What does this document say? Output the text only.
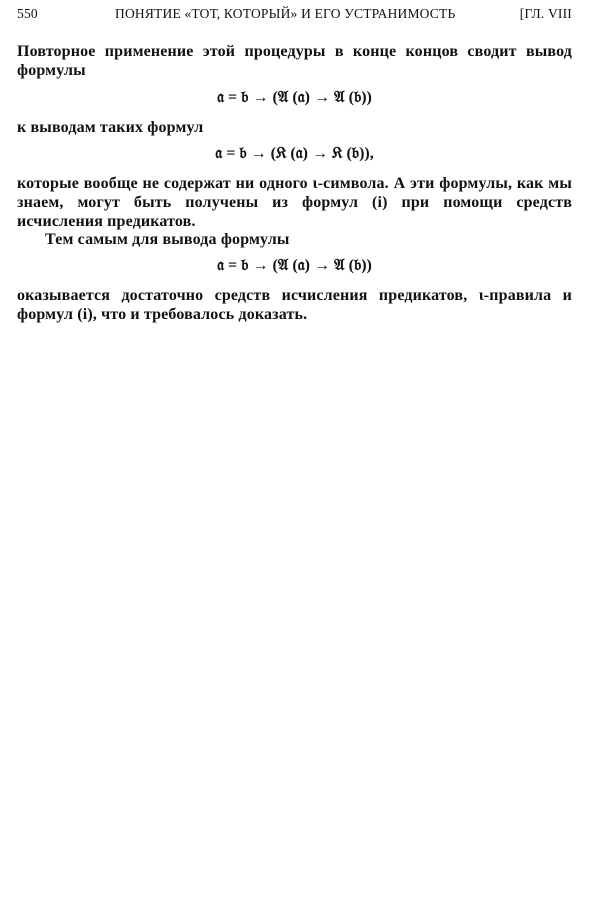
550	ПОНЯТИЕ «ТОТ, КОТОРЫЙ» И ЕГО УСТРАНИМОСТЬ	[ГЛ. VIII
Повторное применение этой процедуры в конце концов сводит вывод формулы
𝔞 = 𝔟 → (𝔄 (𝔞) → 𝔄 (𝔟))
к выводам таких формул
𝔞 = 𝔟 → (𝔎 (𝔞) → 𝔎 (𝔟)),
которые вообще не содержат ни одного ι-символа. А эти формулы, как мы знаем, могут быть получены из формул (i) при помощи средств исчисления предикатов.
Тем самым для вывода формулы
𝔞 = 𝔟 → (𝔄 (𝔞) → 𝔄 (𝔟))
оказывается достаточно средств исчисления предикатов, ι-правила и формул (i), что и требовалось доказать.
